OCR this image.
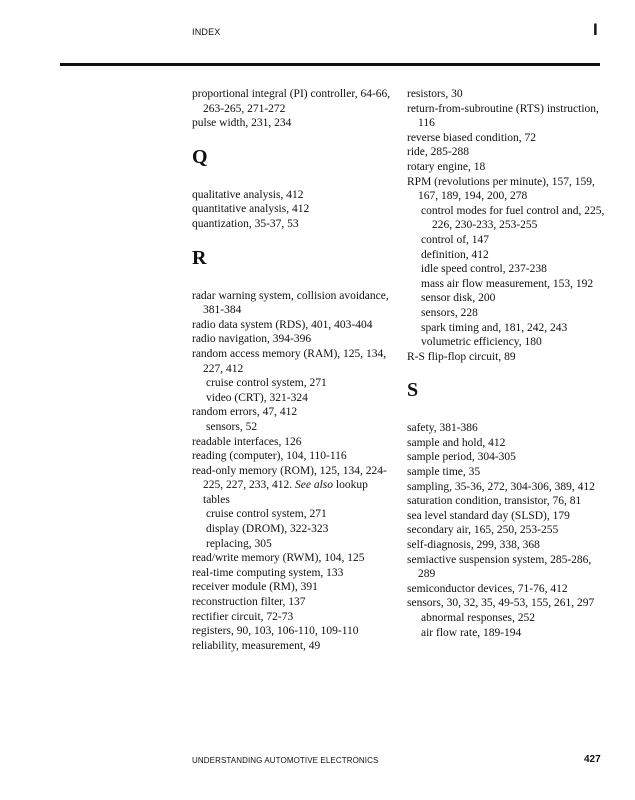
INDEX	I

proportional integral (PI) controller, 64-66, 263-265, 271-272

pulse width, 231, 234

Q

qualitative analysis, 412

quantitative analysis, 412

quantization, 35-37, 53

R

radar warning system, collision avoidance, 381-384

radio data system (RDS), 401, 403-404

radio navigation, 394-396

random access memory (RAM), 125, 134, 227, 412

cruise control system, 271

video (CRT), 321-324

random errors, 47, 412

sensors, 52

readable interfaces, 126

reading (computer), 104, 110-116

read-only memory (ROM), 125, 134, 224-225, 227, 233, 412. See also lookup tables

cruise control system, 271

display (DROM), 322-323

replacing, 305

read/write memory (RWM), 104, 125

real-time computing system, 133

receiver module (RM), 391

reconstruction filter, 137

rectifier circuit, 72-73

registers, 90, 103, 106-110, 109-110

reliability, measurement, 49

resistors, 30

return-from-subroutine (RTS) instruction, 116

reverse biased condition, 72

ride, 285-288

rotary engine, 18

RPM (revolutions per minute), 157, 159, 167, 189, 194, 200, 278

control modes for fuel control and, 225, 226, 230-233, 253-255

control of, 147

definition, 412

idle speed control, 237-238

mass air flow measurement, 153, 192

sensor disk, 200

sensors, 228

spark timing and, 181, 242, 243

volumetric efficiency, 180

R-S flip-flop circuit, 89

S

safety, 381-386

sample and hold, 412

sample period, 304-305

sample time, 35

sampling, 35-36, 272, 304-306, 389, 412

saturation condition, transistor, 76, 81

sea level standard day (SLSD), 179

secondary air, 165, 250, 253-255

self-diagnosis, 299, 338, 368

semiactive suspension system, 285-286, 289

semiconductor devices, 71-76, 412

sensors, 30, 32, 35, 49-53, 155, 261, 297

abnormal responses, 252

air flow rate, 189-194

UNDERSTANDING AUTOMOTIVE ELECTRONICS	427
